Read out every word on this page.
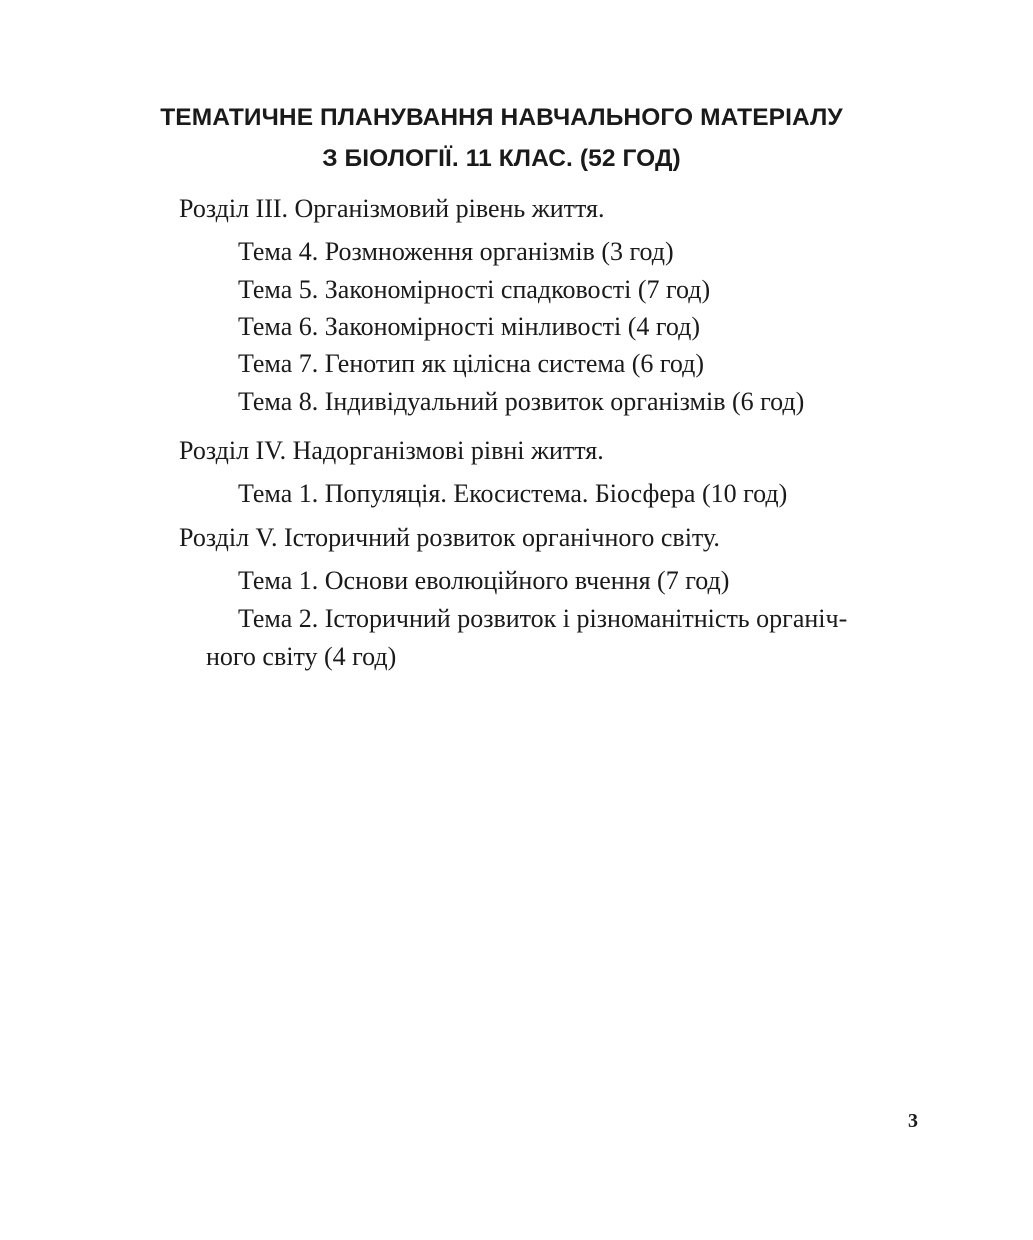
ТЕМАТИЧНЕ ПЛАНУВАННЯ НАВЧАЛЬНОГО МАТЕРІАЛУ
З БІОЛОГІЇ. 11 КЛАС. (52 ГОД)
Розділ ІІІ. Організмовий рівень життя.
Тема 4. Розмноження організмів (3 год)
Тема 5. Закономірності спадковості (7 год)
Тема 6. Закономірності мінливості (4 год)
Тема 7. Генотип як цілісна система (6 год)
Тема 8. Індивідуальний розвиток організмів (6 год)
Розділ IV. Надорганізмові рівні життя.
Тема 1. Популяція. Екосистема. Біосфера (10 год)
Розділ V. Історичний розвиток органічного світу.
Тема 1. Основи еволюційного вчення (7 год)
Тема 2. Історичний розвиток і різноманітність органіч-
ного світу (4 год)
3
